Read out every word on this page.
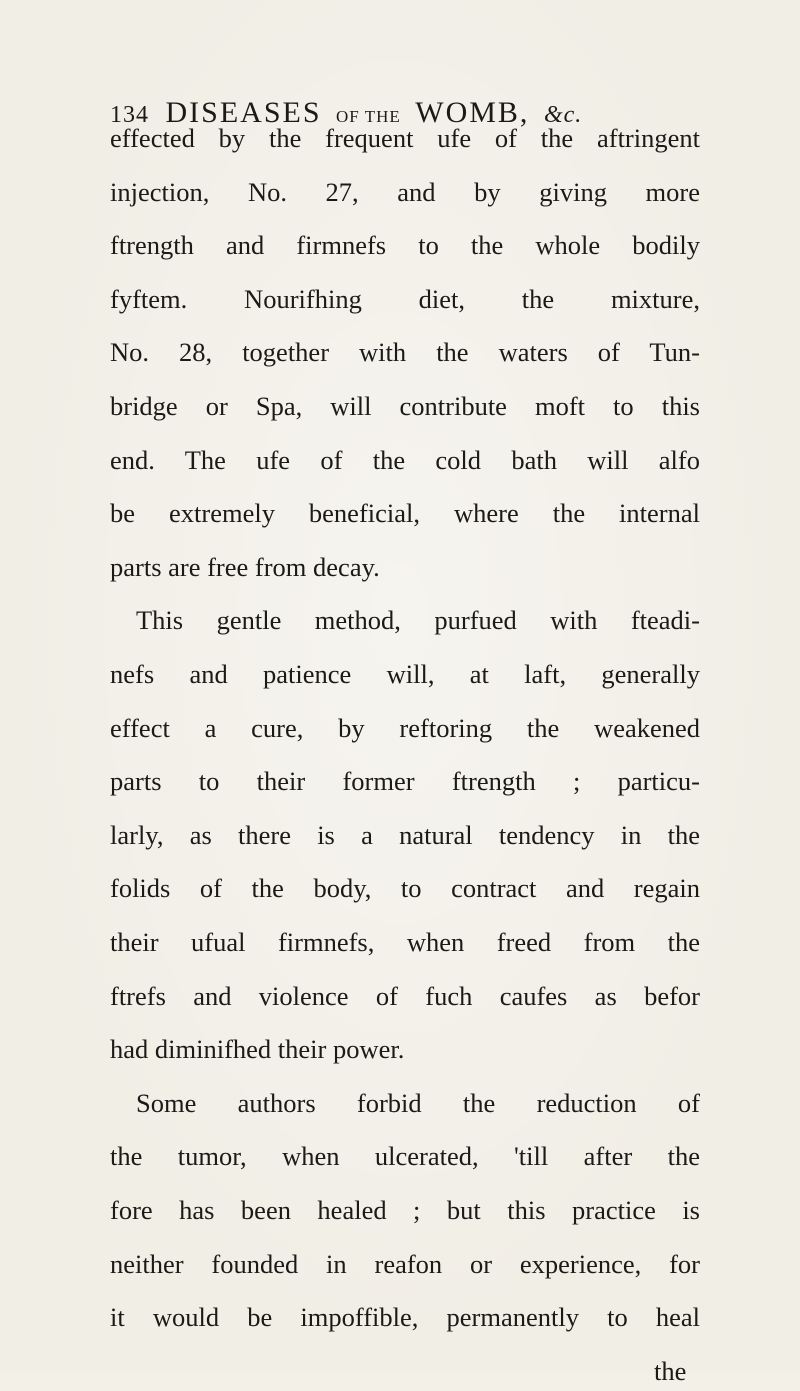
134 DISEASES OF THE WOMB, &c.
effected by the frequent ufe of the aftringent
injection, No. 27, and by giving more
ftrength and firmnefs to the whole bodily
fyftem. Nourifhing diet, the mixture,
No. 28, together with the waters of Tun-
bridge or Spa, will contribute moft to this
end. The ufe of the cold bath will alfo
be extremely beneficial, where the internal
parts are free from decay.
This gentle method, purfued with fteadi-
nefs and patience will, at laft, generally
effect a cure, by reftoring the weakened
parts to their former ftrength ; particu-
larly, as there is a natural tendency in the
folids of the body, to contract and regain
their ufual firmnefs, when freed from the
ftrefs and violence of fuch caufes as befor
had diminifhed their power.
Some authors forbid the reduction of
the tumor, when ulcerated, 'till after the
fore has been healed ; but this practice is
neither founded in reafon or experience, for
it would be impoffible, permanently to heal
the
